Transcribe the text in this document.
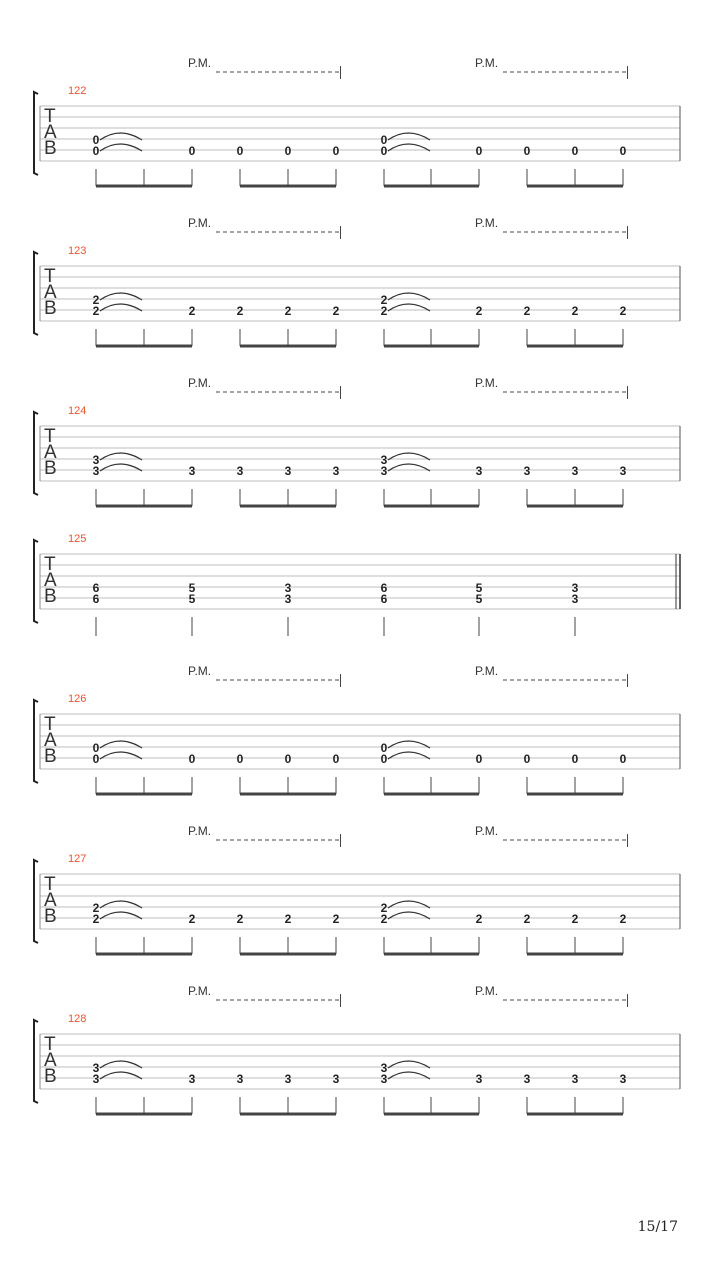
P.M.	P.M.
122
T
A
B	0
0	0	0	0	0
0
0	0	0	0	0
P.M.	P.M.
123
T
A
B	2
2	2	2	2	2
2
2	2	2	2	2
P.M.	P.M.
124
T
A
B	3
3	3	3	3	3
3
3	3	3	3	3
125
T
A
B	6
6
5
5
3
3
6
6
5
5
3
3
P.M.	P.M.
126
T
A
B	0
0	0	0	0	0
0
0	0	0	0	0
P.M.	P.M.
127
T
A
B	2
2	2	2	2	2
2
2	2	2	2	2
P.M.	P.M.
128
T
A
B	3
3	3	3	3	3
3
3	3	3	3	3
15/17
